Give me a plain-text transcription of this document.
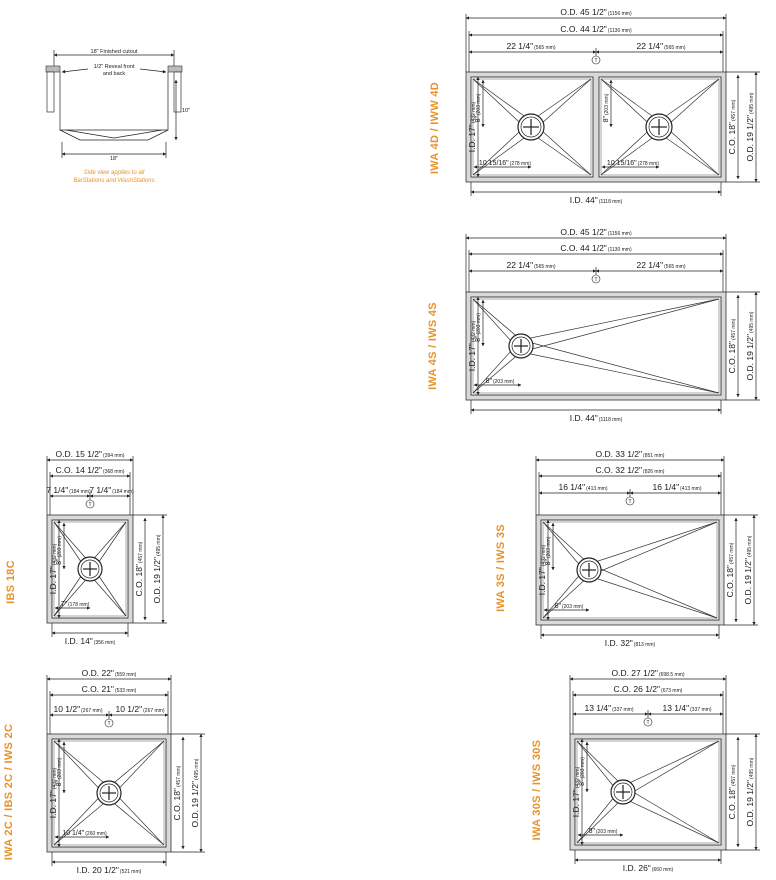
18" Finished cutout
1/2" Reveal front
and back
10"
18"
Side view applies to all
BarStations and WashStations
8"(203 mm)
10 15/16"(278 mm)
8"(203 mm)
10 15/16"(278 mm)
O.D. 45 1/2"(1156 mm)
C.O. 44 1/2"(1130 mm)
22 1/4"(565 mm)	22 1/4"(565 mm)
T
I.D. 44"(1118 mm)
I.D. 17"(432 mm)
C.O. 18"(457 mm)
O.D. 19 1/2"(495 mm)
IWA 4D / IWW 4D
8"(203 mm)
8"(203 mm)
O.D. 45 1/2"(1156 mm)
C.O. 44 1/2"(1130 mm)
22 1/4"(565 mm)	22 1/4"(565 mm)
T
I.D. 44"(1118 mm)
I.D. 17"(432 mm)
C.O. 18"(457 mm)
O.D. 19 1/2"(495 mm)
IWA 4S / IWS 4S
8"(203 mm)
7"(178 mm)
O.D. 15 1/2"(394 mm)
C.O. 14 1/2"(368 mm)
7 1/4"(184 mm)
7 1/4"(184 mm)
T
I.D. 14"(356 mm)
I.D. 17"(432 mm)
C.O. 18"(457 mm)
O.D. 19 1/2"(495 mm)
IBS 18C	8"(203 mm)
8"(203 mm)
O.D. 33 1/2"(851 mm)
C.O. 32 1/2"(826 mm)
16 1/4"(413 mm)	16 1/4"(413 mm)
T
I.D. 32"(813 mm)
I.D. 17"(432 mm)
C.O. 18"(457 mm)
O.D. 19 1/2"(495 mm)
IWA 3S / IWS 3S
8"(203 mm)
10 1/4"(260 mm)
O.D. 22"(559 mm)
C.O. 21"(533 mm)
10 1/2"(267 mm) 10 1/2"(267 mm)
T
I.D. 20 1/2"(521 mm)
I.D. 17"(432 mm)
C.O. 18"(457 mm)
O.D. 19 1/2"(495 mm)
IWA 2C / IBS 2C / IWS 2C	8"(203 mm)
8"(203 mm)
O.D. 27 1/2"(698.5 mm)
C.O. 26 1/2"(673 mm)
13 1/4"(337 mm)	13 1/4"(337 mm)
T
I.D. 26"(660 mm)
I.D. 17"(432 mm)
C.O. 18"(457 mm)
O.D. 19 1/2"(495 mm)
IWA 30S / IWS 30S
